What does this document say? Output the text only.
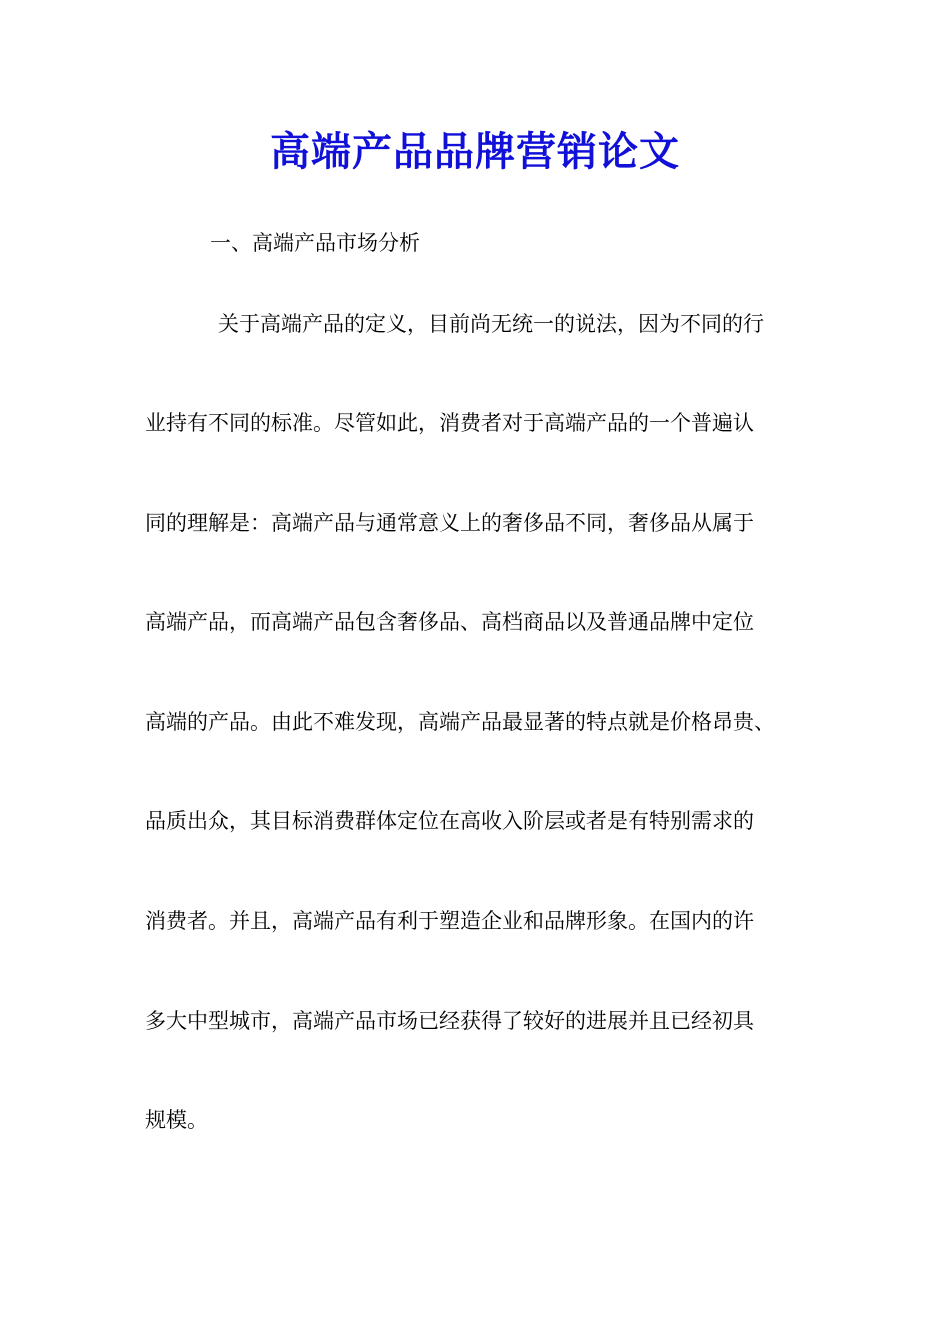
高端产品品牌营销论文

一、高端产品市场分析

关于高端产品的定义，目前尚无统一的说法，因为不同的行

业持有不同的标准。尽管如此，消费者对于高端产品的一个普遍认

同的理解是：高端产品与通常意义上的奢侈品不同，奢侈品从属于

高端产品，而高端产品包含奢侈品、高档商品以及普通品牌中定位

高端的产品。由此不难发现，高端产品最显著的特点就是价格昂贵、

品质出众，其目标消费群体定位在高收入阶层或者是有特别需求的

消费者。并且，高端产品有利于塑造企业和品牌形象。在国内的许

多大中型城市，高端产品市场已经获得了较好的进展并且已经初具

规模。
